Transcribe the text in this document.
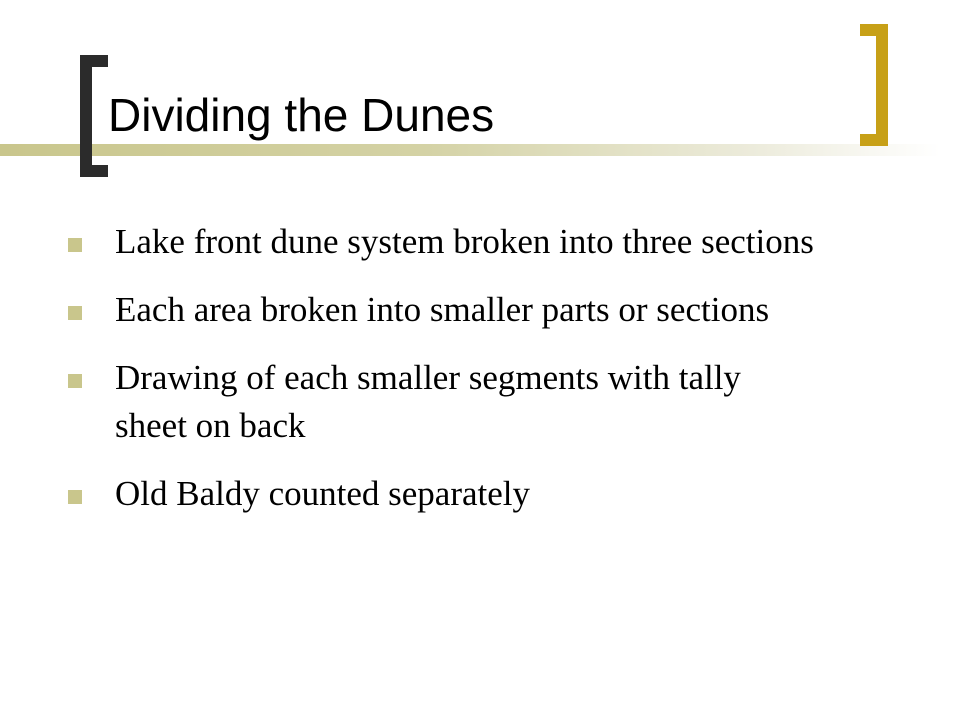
Dividing the Dunes
Lake front dune system broken into three sections
Each area broken into smaller parts or sections
Drawing of each smaller segments with tally sheet on back
Old Baldy counted separately
